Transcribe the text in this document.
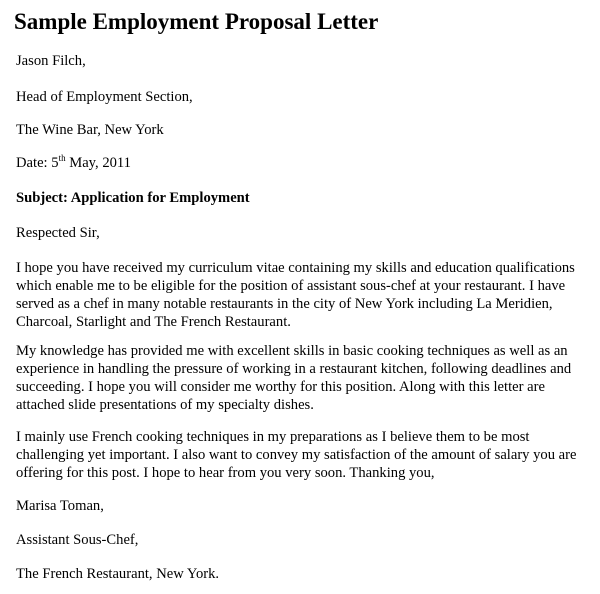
Sample Employment Proposal Letter
Jason Filch,
Head of Employment Section,
The Wine Bar, New York
Date: 5th May, 2011
Subject: Application for Employment
Respected Sir,
I hope you have received my curriculum vitae containing my skills and education qualifications
which enable me to be eligible for the position of assistant sous-chef at your restaurant. I have
served as a chef in many notable restaurants in the city of New York including La Meridien,
Charcoal, Starlight and The French Restaurant.
My knowledge has provided me with excellent skills in basic cooking techniques as well as an
experience in handling the pressure of working in a restaurant kitchen, following deadlines and
succeeding. I hope you will consider me worthy for this position. Along with this letter are
attached slide presentations of my specialty dishes.
I mainly use French cooking techniques in my preparations as I believe them to be most
challenging yet important. I also want to convey my satisfaction of the amount of salary you are
offering for this post. I hope to hear from you very soon. Thanking you,
Marisa Toman,
Assistant Sous-Chef,
The French Restaurant, New York.
